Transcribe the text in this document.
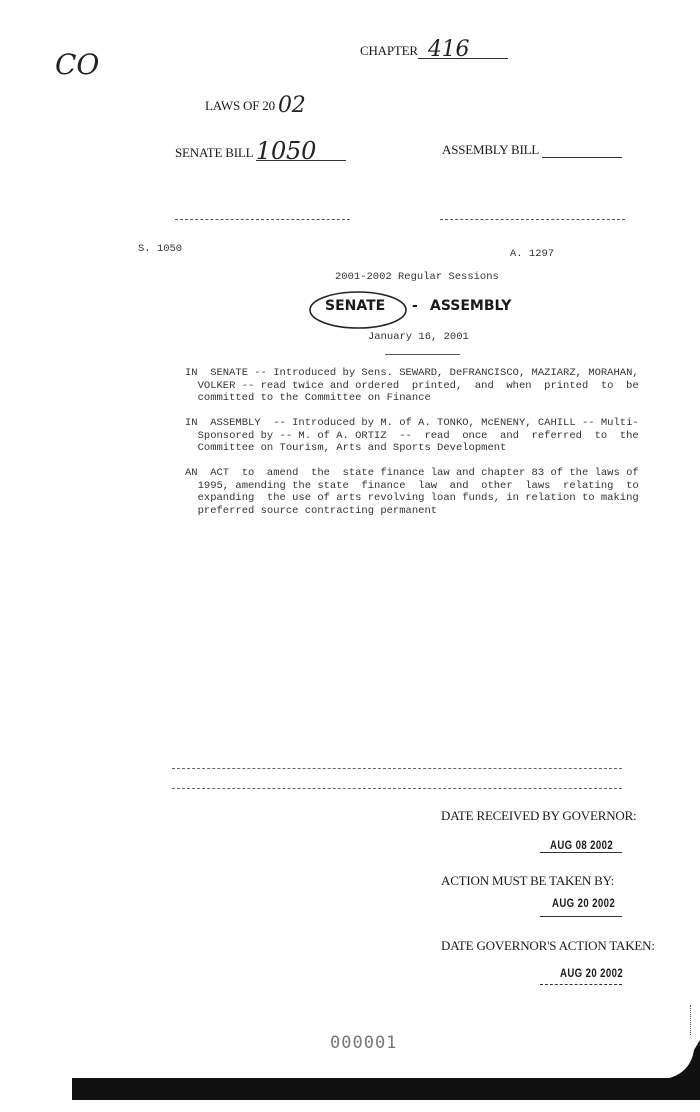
CO	CHAPTER 416
LAWS OF 20 02
SENATE BILL 1050	ASSEMBLY BILL
S. 1050	A. 1297
2001-2002 Regular Sessions
SENATE - ASSEMBLY
January 16, 2001
IN  SENATE -- Introduced by Sens. SEWARD, DeFRANCISCO, MAZIARZ, MORAHAN,
VOLKER -- read twice and ordered  printed,  and  when  printed  to  be
committed to the Committee on Finance
IN  ASSEMBLY  -- Introduced by M. of A. TONKO, McENENY, CAHILL -- Multi-
Sponsored by -- M. of A. ORTIZ  --  read  once  and  referred  to  the
Committee on Tourism, Arts and Sports Development
AN  ACT  to  amend  the  state finance law and chapter 83 of the laws of
1995, amending the state  finance  law  and  other  laws  relating  to
expanding  the use of arts revolving loan funds, in relation to making
preferred source contracting permanent
DATE RECEIVED BY GOVERNOR:
AUG 08 2002
ACTION MUST BE TAKEN BY:
AUG 20 2002
DATE GOVERNOR'S ACTION TAKEN:
AUG 20 2002
000001
